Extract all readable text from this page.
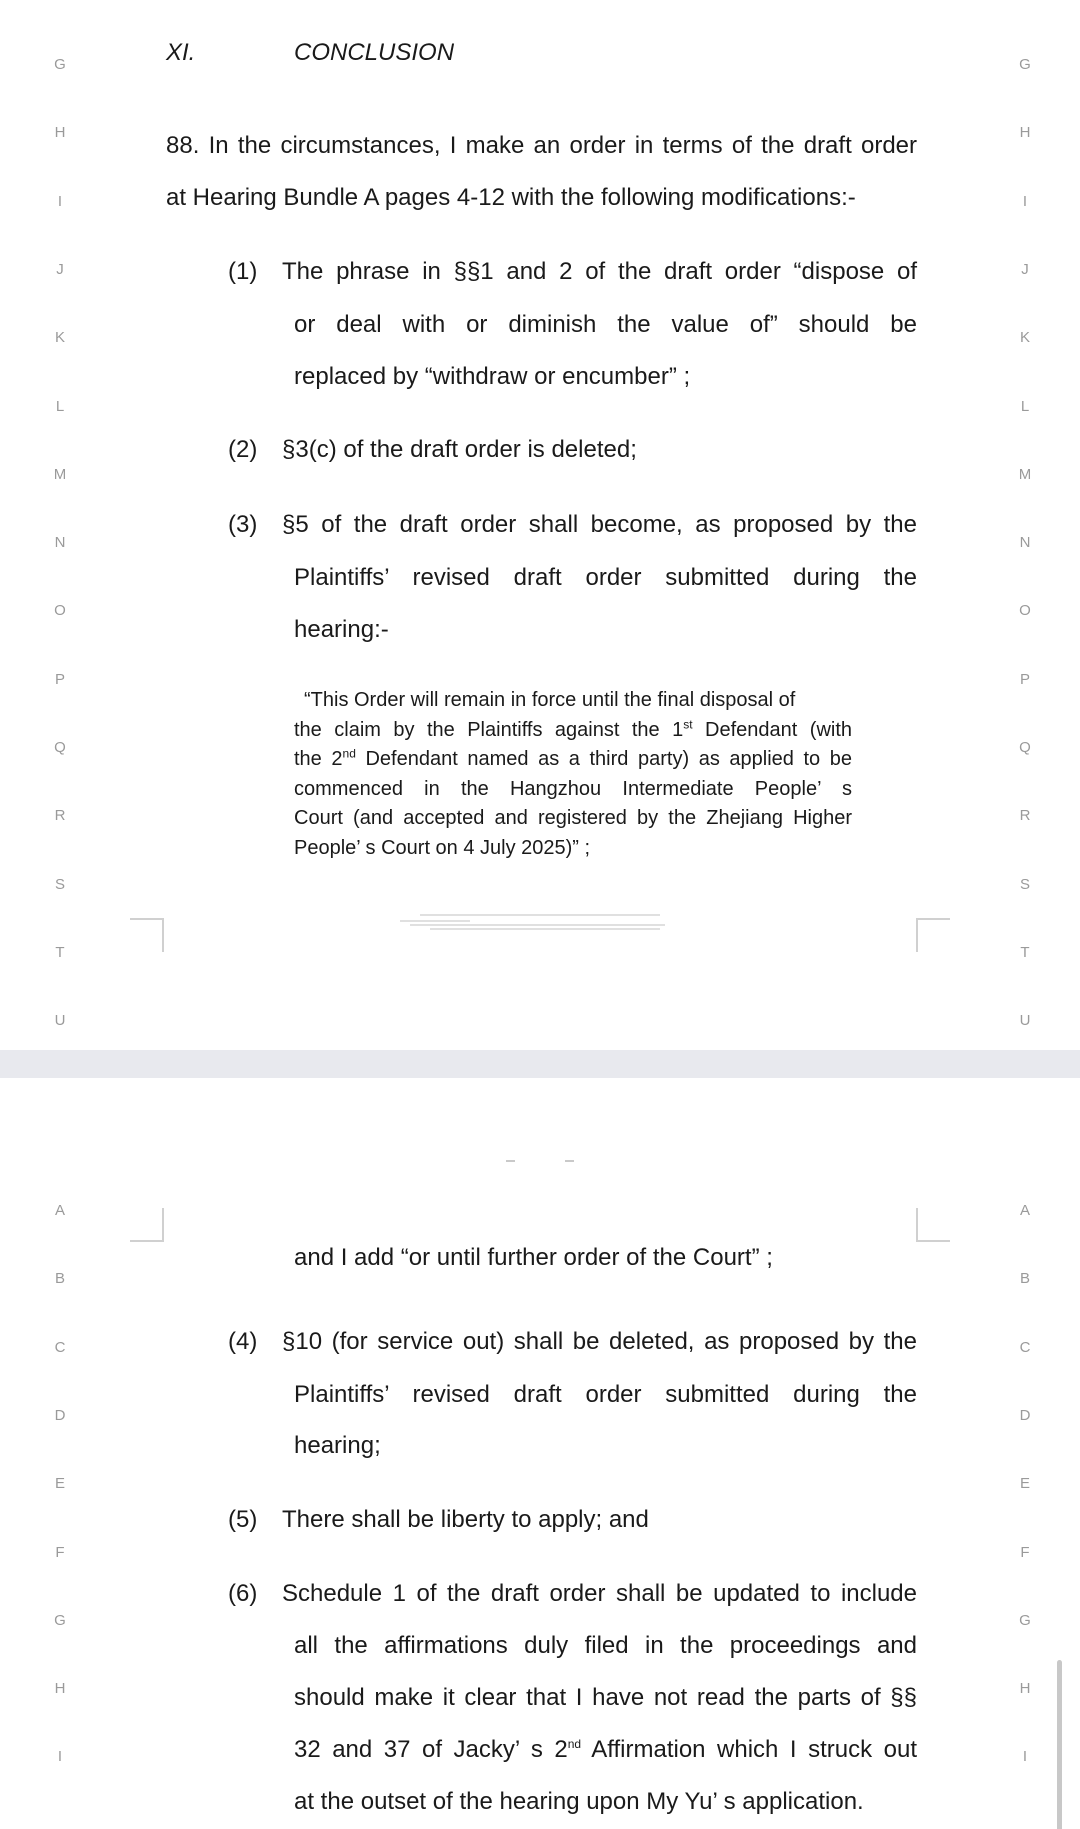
G
H
I
J
K
L
M
N
O
P
Q
R
S
T
U
G
H
I
J
K
L
M
N
O
P
Q
R
S
T
U
XI.	CONCLUSION
88. In the circumstances, I make an order in terms of the draft order
at Hearing Bundle A pages 4-12 with the following modifications:-
(1) The phrase in §§1 and 2 of the draft order “dispose of
or deal with or diminish the value of” should be
replaced by “withdraw or encumber” ;
(2) §3(c) of the draft order is deleted;
(3) §5 of the draft order shall become, as proposed by the
Plaintiffs’ revised draft order submitted during the
hearing:-
“This Order will remain in force until the final disposal of
the claim by the Plaintiffs against the 1st Defendant (with
the 2nd Defendant named as a third party) as applied to be
commenced in the Hangzhou Intermediate People’ s
Court (and accepted and registered by the Zhejiang Higher
People’ s Court on 4 July 2025)” ;
A
B
C
D
E
F
G
H
I
A
B
C
D
E
F
G
H
I
and I add “or until further order of the Court” ;
(4) §10 (for service out) shall be deleted, as proposed by the
Plaintiffs’ revised draft order submitted during the
hearing;
(5) There shall be liberty to apply; and
(6) Schedule 1 of the draft order shall be updated to include
all the affirmations duly filed in the proceedings and
should make it clear that I have not read the parts of §§
32 and 37 of Jacky’ s 2nd Affirmation which I struck out
at the outset of the hearing upon My Yu’ s application.
